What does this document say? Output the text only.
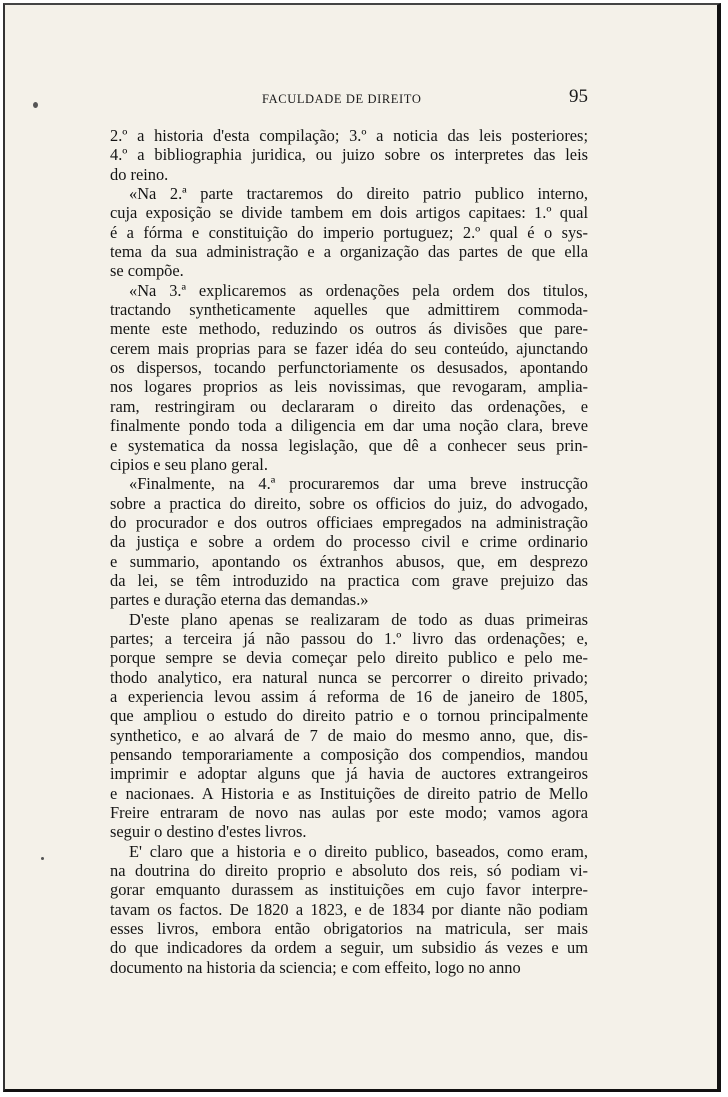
FACULDADE DE DIREITO	95
2.º a historia d'esta compilação; 3.º a noticia das leis posteriores;
4.º a bibliographia juridica, ou juizo sobre os interpretes das leis
do reino.
«Na 2.ª parte tractaremos do direito patrio publico interno,
cuja exposição se divide tambem em dois artigos capitaes: 1.º qual
é a fórma e constituição do imperio portuguez; 2.º qual é o sys-
tema da sua administração e a organização das partes de que ella
se compõe.
«Na 3.ª explicaremos as ordenações pela ordem dos titulos,
tractando syntheticamente aquelles que admittirem commoda-
mente este methodo, reduzindo os outros ás divisões que pare-
cerem mais proprias para se fazer idéa do seu conteúdo, ajunctando
os dispersos, tocando perfunctoriamente os desusados, apontando
nos logares proprios as leis novissimas, que revogaram, amplia-
ram, restringiram ou declararam o direito das ordenações, e
finalmente pondo toda a diligencia em dar uma noção clara, breve
e systematica da nossa legislação, que dê a conhecer seus prin-
cipios e seu plano geral.
«Finalmente, na 4.ª procuraremos dar uma breve instrucção
sobre a practica do direito, sobre os officios do juiz, do advogado,
do procurador e dos outros officiaes empregados na administração
da justiça e sobre a ordem do processo civil e crime ordinario
e summario, apontando os éxtranhos abusos, que, em desprezo
da lei, se têm introduzido na practica com grave prejuizo das
partes e duração eterna das demandas.»
D'este plano apenas se realizaram de todo as duas primeiras
partes; a terceira já não passou do 1.º livro das ordenações; e,
porque sempre se devia começar pelo direito publico e pelo me-
thodo analytico, era natural nunca se percorrer o direito privado;
a experiencia levou assim á reforma de 16 de janeiro de 1805,
que ampliou o estudo do direito patrio e o tornou principalmente
synthetico, e ao alvará de 7 de maio do mesmo anno, que, dis-
pensando temporariamente a composição dos compendios, mandou
imprimir e adoptar alguns que já havia de auctores extrangeiros
e nacionaes. A Historia e as Instituições de direito patrio de Mello
Freire entraram de novo nas aulas por este modo; vamos agora
seguir o destino d'estes livros.
E' claro que a historia e o direito publico, baseados, como eram,
na doutrina do direito proprio e absoluto dos reis, só podiam vi-
gorar emquanto durassem as instituições em cujo favor interpre-
tavam os factos. De 1820 a 1823, e de 1834 por diante não podiam
esses livros, embora então obrigatorios na matricula, ser mais
do que indicadores da ordem a seguir, um subsidio ás vezes e um
documento na historia da sciencia; e com effeito, logo no anno
